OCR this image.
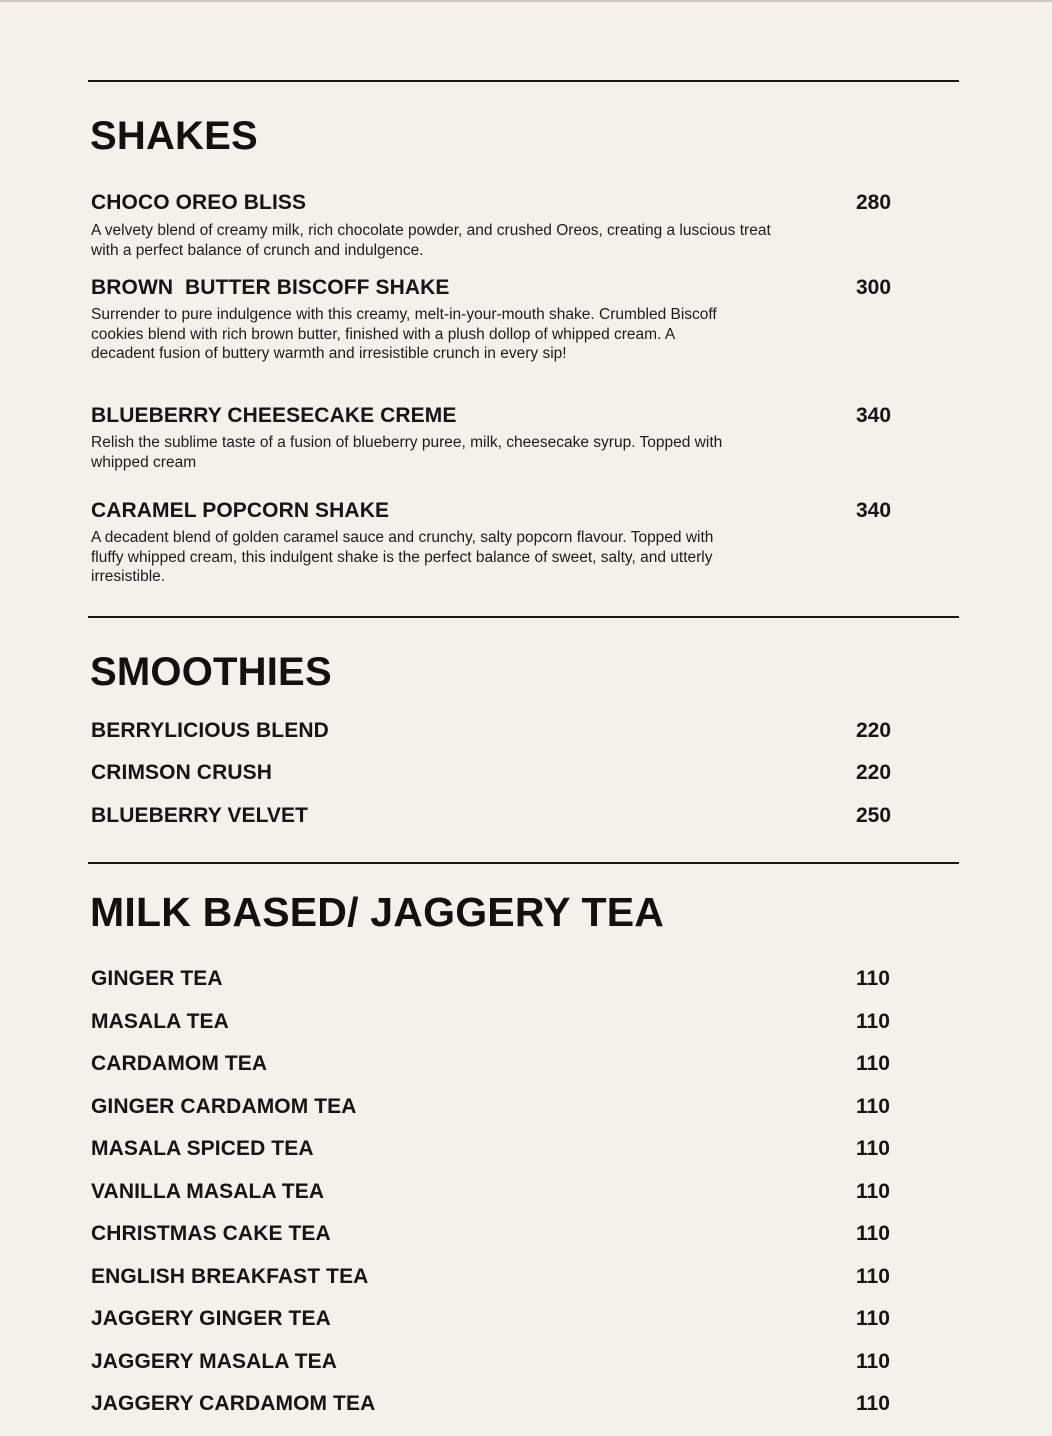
SHAKES

CHOCO OREO BLISS	280

A velvety blend of creamy milk, rich chocolate powder, and crushed Oreos, creating a luscious treat with a perfect balance of crunch and indulgence.

BROWN  BUTTER BISCOFF SHAKE	300

Surrender to pure indulgence with this creamy, melt-in-your-mouth shake. Crumbled Biscoff cookies blend with rich brown butter, finished with a plush dollop of whipped cream. A decadent fusion of buttery warmth and irresistible crunch in every sip!

BLUEBERRY CHEESECAKE CREME	340

Relish the sublime taste of a fusion of blueberry puree, milk, cheesecake syrup. Topped with whipped cream

CARAMEL POPCORN SHAKE	340

A decadent blend of golden caramel sauce and crunchy, salty popcorn flavour. Topped with fluffy whipped cream, this indulgent shake is the perfect balance of sweet, salty, and utterly irresistible.

SMOOTHIES

BERRYLICIOUS BLEND	220

CRIMSON CRUSH	220

BLUEBERRY VELVET	250

MILK BASED/ JAGGERY TEA

GINGER TEA	110

MASALA TEA	110

CARDAMOM TEA	110

GINGER CARDAMOM TEA	110

MASALA SPICED TEA	110

VANILLA MASALA TEA	110

CHRISTMAS CAKE TEA	110

ENGLISH BREAKFAST TEA	110

JAGGERY GINGER TEA	110

JAGGERY MASALA TEA	110

JAGGERY CARDAMOM TEA	110
